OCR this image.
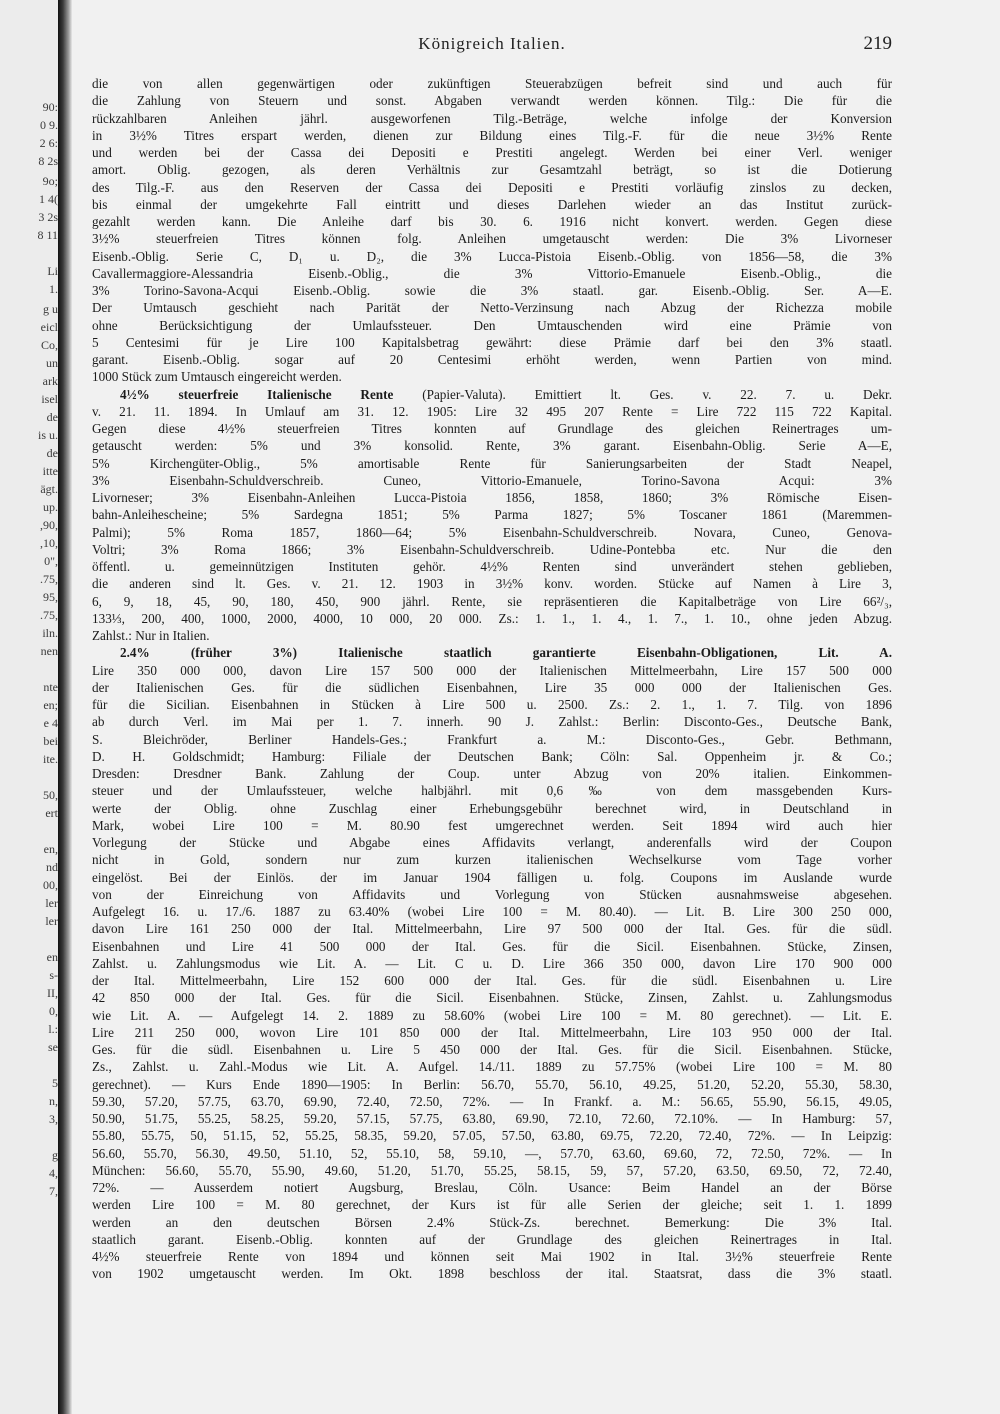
90:
0 9.
2 6:
8 2s
9o;
1 4(
3 2s
8 11
Li
1.
g u
eicl
Co,
un
ark
isel
de
is u.
de
itte
ägt.
up.
,90,
,10,
0",
.75,
95,
.75,
iln.
nen
nte
en;
e 4
bei
ite.
50,
ert
en,
nd
00,
ler
ler
en
s-
II,
0,
l.:
se
5
n,
3,
g
4,
7,
Königreich Italien.	219
die von allen gegenwärtigen oder zukünftigen Steuerabzügen befreit sind und auch für
die Zahlung von Steuern und sonst. Abgaben verwandt werden können. Tilg.: Die für die
rückzahlbaren Anleihen jährl. ausgeworfenen Tilg.-Beträge, welche infolge der Konversion
in 3½% Titres erspart werden, dienen zur Bildung eines Tilg.-F. für die neue 3½% Rente
und werden bei der Cassa dei Depositi e Prestiti angelegt. Werden bei einer Verl. weniger
amort. Oblig. gezogen, als deren Verhältnis zur Gesamtzahl beträgt, so ist die Dotierung
des Tilg.-F. aus den Reserven der Cassa dei Depositi e Prestiti vorläufig zinslos zu decken,
bis einmal der umgekehrte Fall eintritt und dieses Darlehen wieder an das Institut zurück-
gezahlt werden kann. Die Anleihe darf bis 30. 6. 1916 nicht konvert. werden. Gegen diese
3½% steuerfreien Titres können folg. Anleihen umgetauscht werden: Die 3% Livorneser
Eisenb.-Oblig. Serie C, D₁ u. D₂, die 3% Lucca-Pistoia Eisenb.-Oblig. von 1856—58, die 3%
Cavallermaggiore-Alessandria Eisenb.-Oblig., die 3% Vittorio-Emanuele Eisenb.-Oblig., die
3% Torino-Savona-Acqui Eisenb.-Oblig. sowie die 3% staatl. gar. Eisenb.-Oblig. Ser. A—E.
Der Umtausch geschieht nach Parität der Netto-Verzinsung nach Abzug der Richezza mobile
ohne Berücksichtigung der Umlaufssteuer. Den Umtauschenden wird eine Prämie von
5 Centesimi für je Lire 100 Kapitalsbetrag gewährt: diese Prämie darf bei den 3% staatl.
garant. Eisenb.-Oblig. sogar auf 20 Centesimi erhöht werden, wenn Partien von mind.
1000 Stück zum Umtausch eingereicht werden.
4½% steuerfreie Italienische Rente (Papier-Valuta). Emittiert lt. Ges. v. 22. 7. u. Dekr.
v. 21. 11. 1894. In Umlauf am 31. 12. 1905: Lire 32 495 207 Rente = Lire 722 115 722 Kapital.
Gegen diese 4½% steuerfreien Titres konnten auf Grundlage des gleichen Reinertrages um-
getauscht werden: 5% und 3% konsolid. Rente, 3% garant. Eisenbahn-Oblig. Serie A—E,
5% Kirchengüter-Oblig., 5% amortisable Rente für Sanierungsarbeiten der Stadt Neapel,
3% Eisenbahn-Schuldverschreib. Cuneo, Vittorio-Emanuele, Torino-Savona Acqui: 3%
Livorneser; 3% Eisenbahn-Anleihen Lucca-Pistoia 1856, 1858, 1860; 3% Römische Eisen-
bahn-Anleihescheine; 5% Sardegna 1851; 5% Parma 1827; 5% Toscaner 1861 (Maremmen-
Palmi); 5% Roma 1857, 1860—64; 5% Eisenbahn-Schuldverschreib. Novara, Cuneo, Genova-
Voltri; 3% Roma 1866; 3% Eisenbahn-Schuldverschreib. Udine-Pontebba etc. Nur die den
öffentl. u. gemeinnützigen Instituten gehör. 4½% Renten sind unverändert stehen geblieben,
die anderen sind lt. Ges. v. 21. 12. 1903 in 3½% konv. worden. Stücke auf Namen à Lire 3,
6, 9, 18, 45, 90, 180, 450, 900 jährl. Rente, sie repräsentieren die Kapitalbeträge von Lire 66²/₃,
133⅓, 200, 400, 1000, 2000, 4000, 10 000, 20 000. Zs.: 1. 1., 1. 4., 1. 7., 1. 10., ohne jeden Abzug.
Zahlst.: Nur in Italien.
2.4% (früher 3%) Italienische staatlich garantierte Eisenbahn-Obligationen, Lit. A.
Lire 350 000 000, davon Lire 157 500 000 der Italienischen Mittelmeerbahn, Lire 157 500 000
der Italienischen Ges. für die südlichen Eisenbahnen, Lire 35 000 000 der Italienischen Ges.
für die Sicilian. Eisenbahnen in Stücken à Lire 500 u. 2500. Zs.: 2. 1., 1. 7. Tilg. von 1896
ab durch Verl. im Mai per 1. 7. innerh. 90 J. Zahlst.: Berlin: Disconto-Ges., Deutsche Bank,
S. Bleichröder, Berliner Handels-Ges.; Frankfurt a. M.: Disconto-Ges., Gebr. Bethmann,
D. H. Goldschmidt; Hamburg: Filiale der Deutschen Bank; Cöln: Sal. Oppenheim jr. & Co.;
Dresden: Dresdner Bank. Zahlung der Coup. unter Abzug von 20% italien. Einkommen-
steuer und der Umlaufssteuer, welche halbjährl. mit 0,6‰ von dem massgebenden Kurs-
werte der Oblig. ohne Zuschlag einer Erhebungsgebühr berechnet wird, in Deutschland in
Mark, wobei Lire 100 = M. 80.90 fest umgerechnet werden. Seit 1894 wird auch hier
Vorlegung der Stücke und Abgabe eines Affidavits verlangt, anderenfalls wird der Coupon
nicht in Gold, sondern nur zum kurzen italienischen Wechselkurse vom Tage vorher
eingelöst. Bei der Einlös. der im Januar 1904 fälligen u. folg. Coupons im Auslande wurde
von der Einreichung von Affidavits und Vorlegung von Stücken ausnahmsweise abgesehen.
Aufgelegt 16. u. 17./6. 1887 zu 63.40% (wobei Lire 100 = M. 80.40). — Lit. B. Lire 300 250 000,
davon Lire 161 250 000 der Ital. Mittelmeerbahn, Lire 97 500 000 der Ital. Ges. für die südl.
Eisenbahnen und Lire 41 500 000 der Ital. Ges. für die Sicil. Eisenbahnen. Stücke, Zinsen,
Zahlst. u. Zahlungsmodus wie Lit. A. — Lit. C u. D. Lire 366 350 000, davon Lire 170 900 000
der Ital. Mittelmeerbahn, Lire 152 600 000 der Ital. Ges. für die südl. Eisenbahnen u. Lire
42 850 000 der Ital. Ges. für die Sicil. Eisenbahnen. Stücke, Zinsen, Zahlst. u. Zahlungsmodus
wie Lit. A. — Aufgelegt 14. 2. 1889 zu 58.60% (wobei Lire 100 = M. 80 gerechnet). — Lit. E.
Lire 211 250 000, wovon Lire 101 850 000 der Ital. Mittelmeerbahn, Lire 103 950 000 der Ital.
Ges. für die südl. Eisenbahnen u. Lire 5 450 000 der Ital. Ges. für die Sicil. Eisenbahnen. Stücke,
Zs., Zahlst. u. Zahl.-Modus wie Lit. A. Aufgel. 14./11. 1889 zu 57.75% (wobei Lire 100 = M. 80
gerechnet). — Kurs Ende 1890—1905: In Berlin: 56.70, 55.70, 56.10, 49.25, 51.20, 52.20, 55.30, 58.30,
59.30, 57.20, 57.75, 63.70, 69.90, 72.40, 72.50, 72%. — In Frankf. a. M.: 56.65, 55.90, 56.15, 49.05,
50.90, 51.75, 55.25, 58.25, 59.20, 57.15, 57.75, 63.80, 69.90, 72.10, 72.60, 72.10%. — In Hamburg: 57,
55.80, 55.75, 50, 51.15, 52, 55.25, 58.35, 59.20, 57.05, 57.50, 63.80, 69.75, 72.20, 72.40, 72%. — In Leipzig:
56.60, 55.70, 56.30, 49.50, 51.10, 52, 55.10, 58, 59.10, —, 57.70, 63.60, 69.60, 72, 72.50, 72%. — In
München: 56.60, 55.70, 55.90, 49.60, 51.20, 51.70, 55.25, 58.15, 59, 57, 57.20, 63.50, 69.50, 72, 72.40,
72%. — Ausserdem notiert Augsburg, Breslau, Cöln. Usance: Beim Handel an der Börse
werden Lire 100 = M. 80 gerechnet, der Kurs ist für alle Serien der gleiche; seit 1. 1. 1899
werden an den deutschen Börsen 2.4% Stück-Zs. berechnet. Bemerkung: Die 3% Ital.
staatlich garant. Eisenb.-Oblig. konnten auf der Grundlage des gleichen Reinertrages in Ital.
4½% steuerfreie Rente von 1894 und können seit Mai 1902 in Ital. 3½% steuerfreie Rente
von 1902 umgetauscht werden. Im Okt. 1898 beschloss der ital. Staatsrat, dass die 3% staatl.
